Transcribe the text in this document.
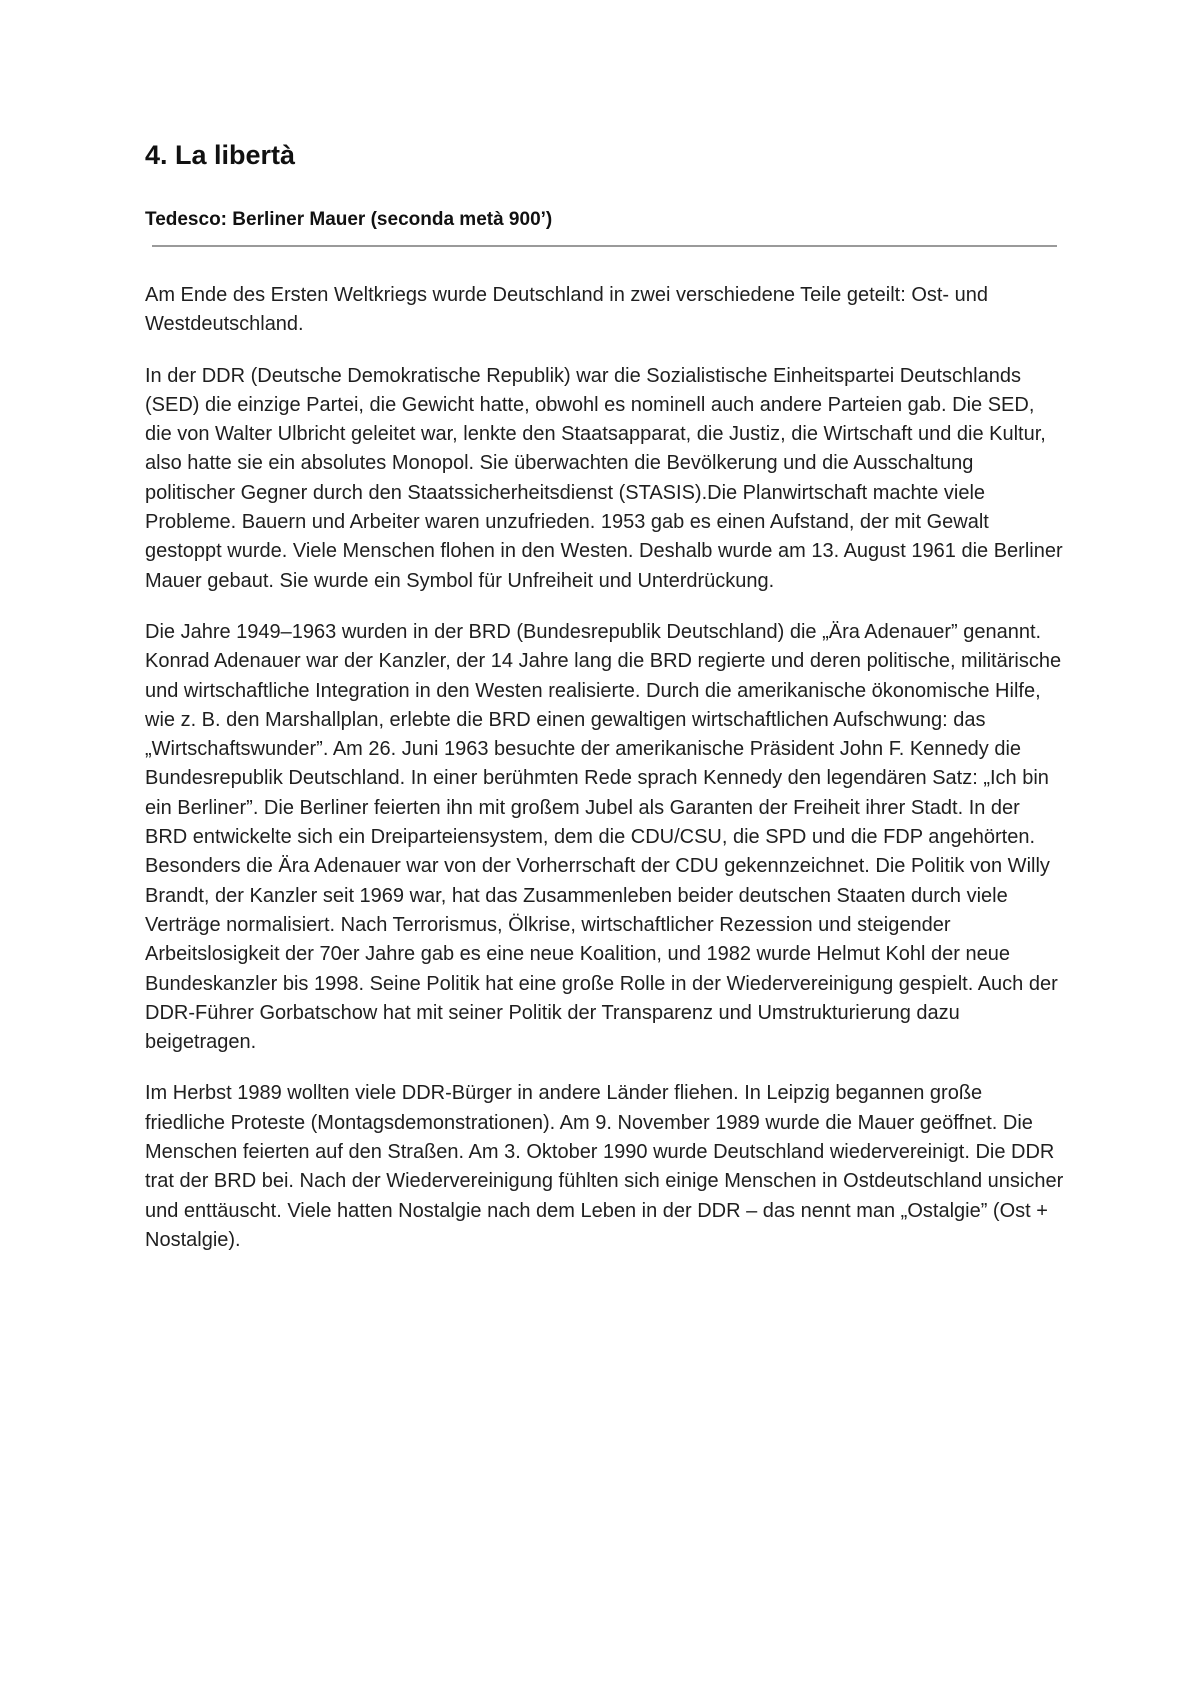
4. La libertà
Tedesco: Berliner Mauer (seconda metà 900’)

Am Ende des Ersten Weltkriegs wurde Deutschland in zwei verschiedene Teile geteilt: Ost- und Westdeutschland.

In der DDR (Deutsche Demokratische Republik) war die Sozialistische Einheitspartei Deutschlands (SED) die einzige Partei, die Gewicht hatte, obwohl es nominell auch andere Parteien gab. Die SED, die von Walter Ulbricht geleitet war, lenkte den Staatsapparat, die Justiz, die Wirtschaft und die Kultur, also hatte sie ein absolutes Monopol. Sie überwachten die Bevölkerung und die Ausschaltung politischer Gegner durch den Staatssicherheitsdienst (STASIS).Die Planwirtschaft machte viele Probleme. Bauern und Arbeiter waren unzufrieden. 1953 gab es einen Aufstand, der mit Gewalt gestoppt wurde. Viele Menschen flohen in den Westen. Deshalb wurde am 13. August 1961 die Berliner Mauer gebaut. Sie wurde ein Symbol für Unfreiheit und Unterdrückung.

Die Jahre 1949–1963 wurden in der BRD (Bundesrepublik Deutschland) die „Ära Adenauer” genannt. Konrad Adenauer war der Kanzler, der 14 Jahre lang die BRD regierte und deren politische, militärische und wirtschaftliche Integration in den Westen realisierte. Durch die amerikanische ökonomische Hilfe, wie z. B. den Marshallplan, erlebte die BRD einen gewaltigen wirtschaftlichen Aufschwung: das „Wirtschaftswunder”. Am 26. Juni 1963 besuchte der amerikanische Präsident John F. Kennedy die Bundesrepublik Deutschland. In einer berühmten Rede sprach Kennedy den legendären Satz: „Ich bin ein Berliner”. Die Berliner feierten ihn mit großem Jubel als Garanten der Freiheit ihrer Stadt. In der BRD entwickelte sich ein Dreiparteiensystem, dem die CDU/CSU, die SPD und die FDP angehörten. Besonders die Ära Adenauer war von der Vorherrschaft der CDU gekennzeichnet. Die Politik von Willy Brandt, der Kanzler seit 1969 war, hat das Zusammenleben beider deutschen Staaten durch viele Verträge normalisiert. Nach Terrorismus, Ölkrise, wirtschaftlicher Rezession und steigender Arbeitslosigkeit der 70er Jahre gab es eine neue Koalition, und 1982 wurde Helmut Kohl der neue Bundeskanzler bis 1998. Seine Politik hat eine große Rolle in der Wiedervereinigung gespielt. Auch der DDR-Führer Gorbatschow hat mit seiner Politik der Transparenz und Umstrukturierung dazu beigetragen.

Im Herbst 1989 wollten viele DDR-Bürger in andere Länder fliehen. In Leipzig begannen große friedliche Proteste (Montagsdemonstrationen). Am 9. November 1989 wurde die Mauer geöffnet. Die Menschen feierten auf den Straßen. Am 3. Oktober 1990 wurde Deutschland wiedervereinigt. Die DDR trat der BRD bei. Nach der Wiedervereinigung fühlten sich einige Menschen in Ostdeutschland unsicher und enttäuscht. Viele hatten Nostalgie nach dem Leben in der DDR – das nennt man „Ostalgie” (Ost + Nostalgie).
